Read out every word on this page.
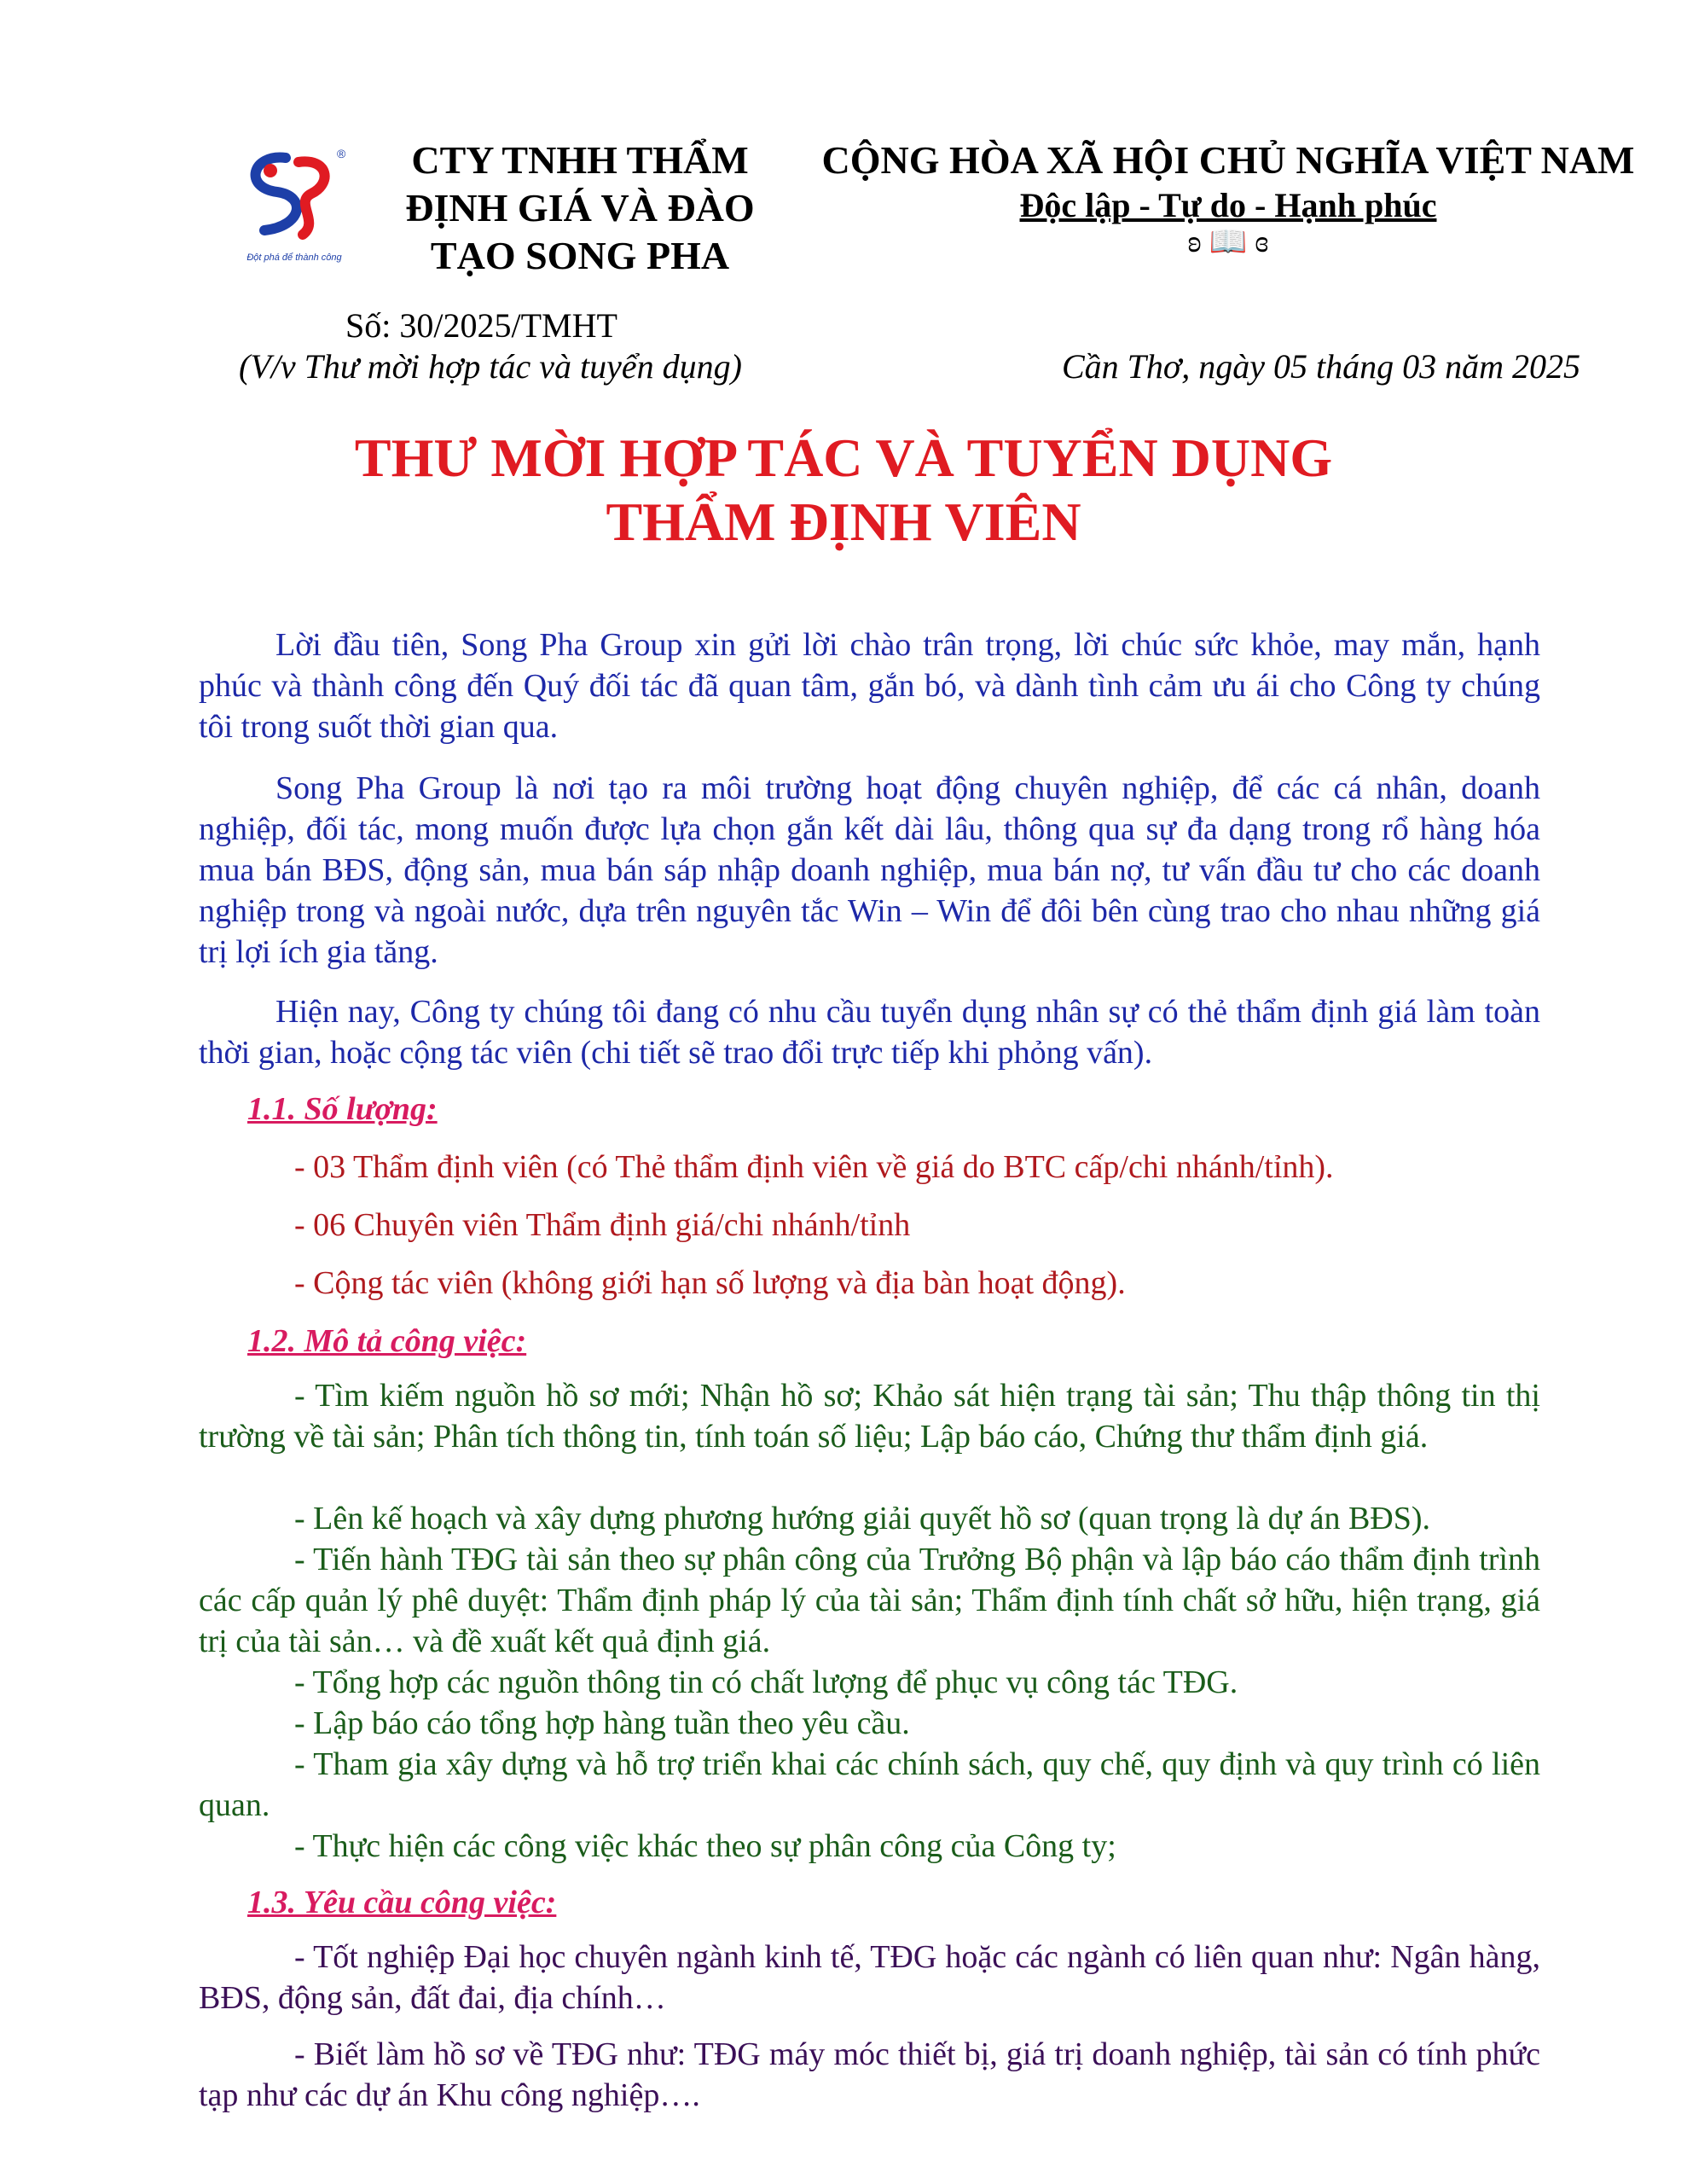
®
Đột phá để thành công
CTY TNHH THẨM
ĐỊNH GIÁ VÀ ĐÀO
TẠO SONG PHA
CỘNG HÒA XÃ HỘI CHỦ NGHĨA VIỆT NAM
Độc lập - Tự do - Hạnh phúc
ʚ 📖 ɞ
Số: 30/2025/TMHT
(V/v Thư mời hợp tác và tuyển dụng)	Cần Thơ, ngày 05 tháng 03 năm 2025
THƯ MỜI HỢP TÁC VÀ TUYỂN DỤNG
THẨM ĐỊNH VIÊN
Lời đầu tiên, Song Pha Group xin gửi lời chào trân trọng, lời chúc sức khỏe, may mắn, hạnh phúc và thành công đến Quý đối tác đã quan tâm, gắn bó, và dành tình cảm ưu ái cho Công ty chúng tôi trong suốt thời gian qua.
Song Pha Group là nơi tạo ra môi trường hoạt động chuyên nghiệp, để các cá nhân, doanh nghiệp, đối tác, mong muốn được lựa chọn gắn kết dài lâu, thông qua sự đa dạng trong rổ hàng hóa mua bán BĐS, động sản, mua bán sáp nhập doanh nghiệp, mua bán nợ, tư vấn đầu tư cho các doanh nghiệp trong và ngoài nước, dựa trên nguyên tắc Win – Win để đôi bên cùng trao cho nhau những giá trị lợi ích gia tăng.
Hiện nay, Công ty chúng tôi đang có nhu cầu tuyển dụng nhân sự có thẻ thẩm định giá làm toàn thời gian, hoặc cộng tác viên (chi tiết sẽ trao đổi trực tiếp khi phỏng vấn).
1.1. Số lượng:
- 03 Thẩm định viên (có Thẻ thẩm định viên về giá do BTC cấp/chi nhánh/tỉnh).
- 06 Chuyên viên Thẩm định giá/chi nhánh/tỉnh
- Cộng tác viên (không giới hạn số lượng và địa bàn hoạt động).
1.2. Mô tả công việc:
- Tìm kiếm nguồn hồ sơ mới; Nhận hồ sơ; Khảo sát hiện trạng tài sản; Thu thập thông tin thị trường về tài sản; Phân tích thông tin, tính toán số liệu; Lập báo cáo, Chứng thư thẩm định giá.
- Lên kế hoạch và xây dựng phương hướng giải quyết hồ sơ (quan trọng là dự án BĐS).
- Tiến hành TĐG tài sản theo sự phân công của Trưởng Bộ phận và lập báo cáo thẩm định trình các cấp quản lý phê duyệt: Thẩm định pháp lý của tài sản; Thẩm định tính chất sở hữu, hiện trạng, giá trị của tài sản… và đề xuất kết quả định giá.
- Tổng hợp các nguồn thông tin có chất lượng để phục vụ công tác TĐG.
- Lập báo cáo tổng hợp hàng tuần theo yêu cầu.
- Tham gia xây dựng và hỗ trợ triển khai các chính sách, quy chế, quy định và quy trình có liên quan.
- Thực hiện các công việc khác theo sự phân công của Công ty;
1.3. Yêu cầu công việc:
- Tốt nghiệp Đại học chuyên ngành kinh tế, TĐG hoặc các ngành có liên quan như: Ngân hàng, BĐS, động sản, đất đai, địa chính…
- Biết làm hồ sơ về TĐG như: TĐG máy móc thiết bị, giá trị doanh nghiệp, tài sản có tính phức tạp như các dự án Khu công nghiệp….
